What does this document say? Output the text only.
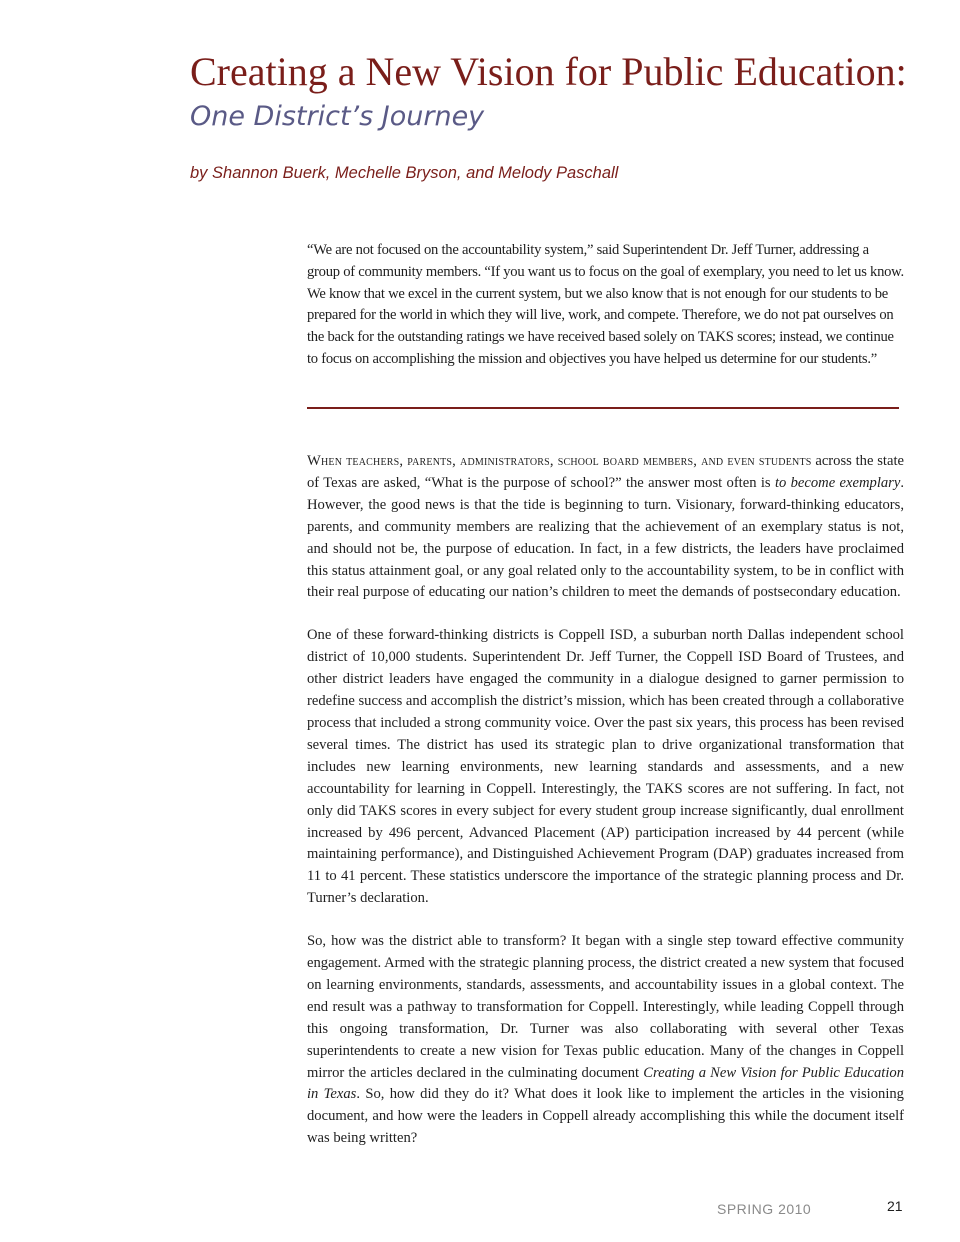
Creating a New Vision for Public Education:
One District’s Journey

by Shannon Buerk, Mechelle Bryson, and Melody Paschall

“We are not focused on the accountability system,” said Superintendent Dr. Jeff Turner, addressing a group of community members. “If you want us to focus on the goal of exemplary, you need to let us know. We know that we excel in the current system, but we also know that is not enough for our students to be prepared for the world in which they will live, work, and compete. Therefore, we do not pat ourselves on the back for the outstanding ratings we have received based solely on TAKS scores; instead, we continue to focus on accomplishing the mission and objectives you have helped us determine for our students.”

When teachers, parents, administrators, school board members, and even students across the state of Texas are asked, “What is the purpose of school?” the answer most often is to become exemplary. However, the good news is that the tide is beginning to turn. Visionary, forward-thinking educators, parents, and community members are realizing that the achievement of an exemplary status is not, and should not be, the purpose of education. In fact, in a few districts, the leaders have proclaimed this status attainment goal, or any goal related only to the accountability system, to be in conflict with their real purpose of educating our nation’s children to meet the demands of postsecondary education.

One of these forward-thinking districts is Coppell ISD, a suburban north Dallas independent school district of 10,000 students. Superintendent Dr. Jeff Turner, the Coppell ISD Board of Trustees, and other district leaders have engaged the community in a dialogue designed to garner permission to redefine success and accomplish the district’s mission, which has been created through a collaborative process that included a strong community voice. Over the past six years, this process has been revised several times. The district has used its strategic plan to drive organizational transformation that includes new learning environments, new learning standards and assessments, and a new accountability for learning in Coppell. Interestingly, the TAKS scores are not suffering. In fact, not only did TAKS scores in every subject for every student group increase significantly, dual enrollment increased by 496 percent, Advanced Placement (AP) participation increased by 44 percent (while maintaining performance), and Distinguished Achievement Program (DAP) graduates increased from 11 to 41 percent. These statistics underscore the importance of the strategic planning process and Dr. Turner’s declaration.

So, how was the district able to transform? It began with a single step toward effective community engagement. Armed with the strategic planning process, the district created a new system that focused on learning environments, standards, assessments, and accountability issues in a global context. The end result was a pathway to transformation for Coppell. Interestingly, while leading Coppell through this ongoing transformation, Dr. Turner was also collaborating with several other Texas superintendents to create a new vision for Texas public education. Many of the changes in Coppell mirror the articles declared in the culminating document Creating a New Vision for Public Education in Texas. So, how did they do it? What does it look like to implement the articles in the visioning document, and how were the leaders in Coppell already accomplishing this while the document itself was being written?

SPRING 2010	21
